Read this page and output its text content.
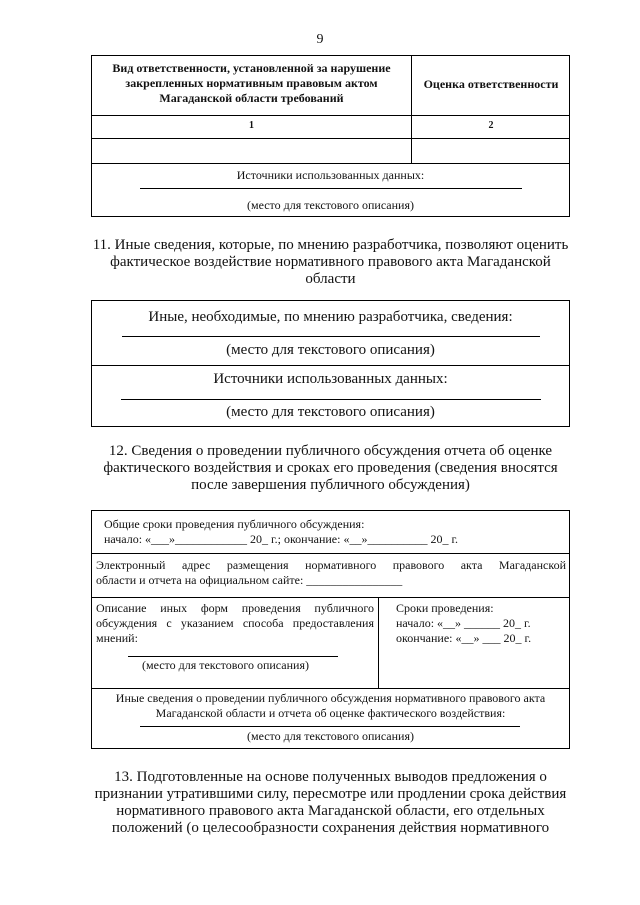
9
Вид ответственности, установленной за нарушение закрепленных нормативным правовым актом Магаданской области требований
Оценка ответственности
1	2
Источники использованных данных:
(место для текстового описания)
11. Иные сведения, которые, по мнению разработчика, позволяют оценить фактическое воздействие нормативного правового акта Магаданской области
Иные, необходимые, по мнению разработчика, сведения:
(место для текстового описания)
Источники использованных данных:
(место для текстового описания)
12. Сведения о проведении публичного обсуждения отчета об оценке фактического воздействия и сроках его проведения (сведения вносятся после завершения публичного обсуждения)
Общие сроки проведения публичного обсуждения:
начало: «___»____________ 20_ г.; окончание: «__»__________ 20_ г.
Электронный адрес размещения нормативного правового акта Магаданской
области и отчета на официальном сайте: ________________
Описание иных форм проведения публичного
обсуждения с указанием способа предоставления
мнений:
(место для текстового описания)
Сроки проведения:
начало: «__» ______ 20_ г.
окончание: «__» ___ 20_ г.
Иные сведения о проведении публичного обсуждения нормативного правового акта
Магаданской области и отчета об оценке фактического воздействия:
(место для текстового описания)
13. Подготовленные на основе полученных выводов предложения о признании утратившими силу, пересмотре или продлении срока действия нормативного правового акта Магаданской области, его отдельных положений (о целесообразности сохранения действия нормативного
